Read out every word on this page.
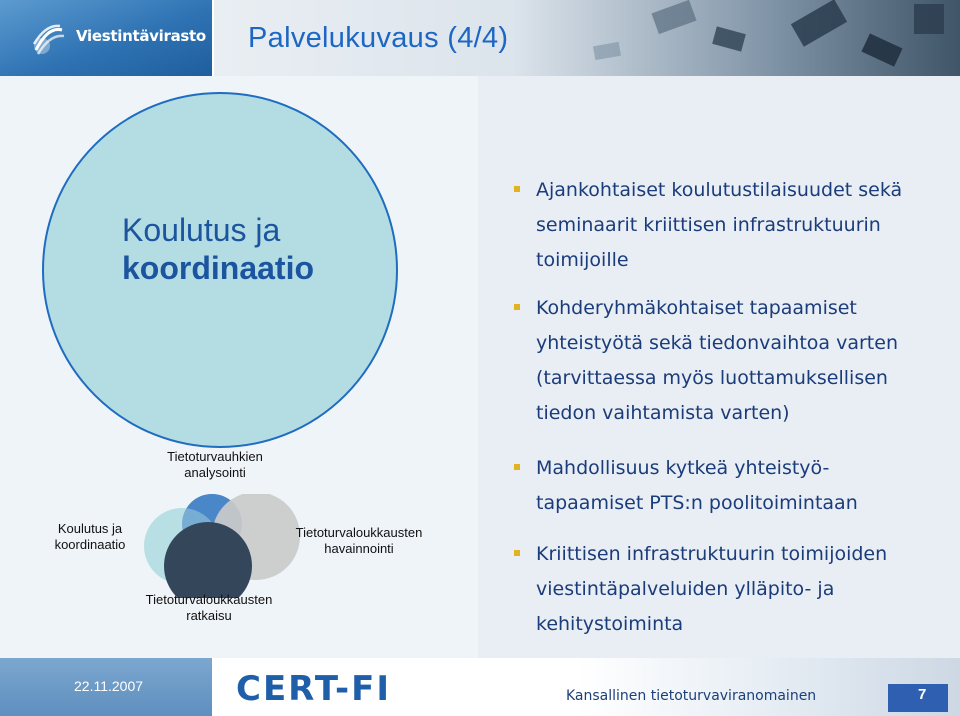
Viestintävirasto Palvelukuvaus (4/4)
Koulutus ja
koordinaatio
Tietoturvauhkien
analysointi
Koulutus ja
koordinaatio
Tietoturvaloukkausten
havainnointi
Tietoturvaloukkausten
ratkaisu
Ajankohtaiset koulutustilaisuudet sekä
seminaarit kriittisen infrastruktuurin
toimijoille
Kohderyhmäkohtaiset tapaamiset
yhteistyötä sekä tiedonvaihtoa varten
(tarvittaessa myös luottamuksellisen
tiedon vaihtamista varten)
Mahdollisuus kytkeä yhteistyö-
tapaamiset PTS:n poolitoimintaan
Kriittisen infrastruktuurin toimijoiden
viestintäpalveluiden ylläpito- ja
kehitystoiminta
22.11.2007	CERT-FI	Kansallinen tietoturvaviranomainen	7
